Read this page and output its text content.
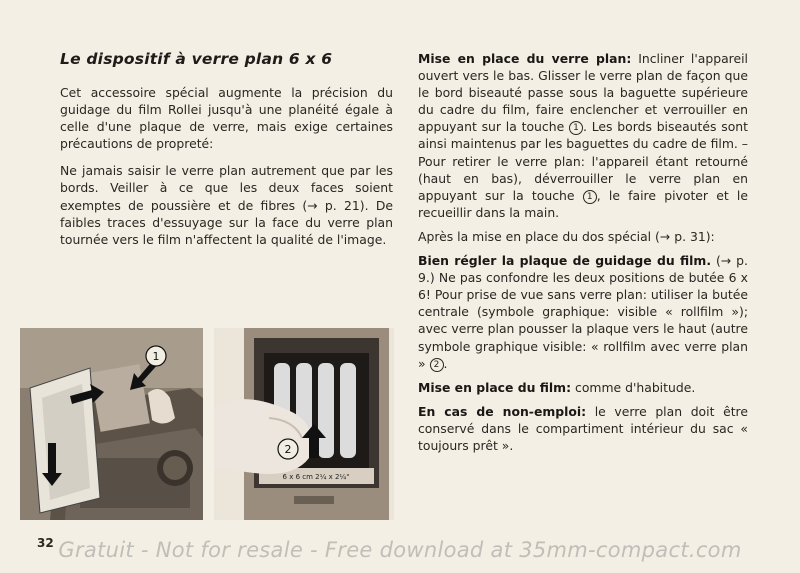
Le dispositif à verre plan 6 x 6

Cet accessoire spécial augmente la précision du guidage du film Rollei jusqu'à une planéité égale à celle d'une plaque de verre, mais exige certaines précautions de propreté:

Ne jamais saisir le verre plan autrement que par les bords. Veiller à ce que les deux faces soient exemptes de poussière et de fibres (→ p. 21). De faibles traces d'essuyage sur la face du verre plan tournée vers le film n'affectent la qualité de l'image.

Mise en place du verre plan: Incliner l'appareil ouvert vers le bas. Glisser le verre plan de façon que le bord biseauté passe sous la baguette supérieure du cadre du film, faire enclencher et verrouiller en appuyant sur la touche 1 . Les bords biseautés sont ainsi maintenus par les baguettes du cadre de film. – Pour retirer le verre plan: l'appareil étant retourné (haut en bas), déverrouiller le verre plan en appuyant sur la touche 1 , le faire pivoter et le recueillir dans la main.

Après la mise en place du dos spécial (→ p. 31):

Bien régler la plaque de guidage du film. (→ p. 9.) Ne pas confondre les deux positions de butée 6 x 6! Pour prise de vue sans verre plan: utiliser la butée centrale (symbole graphique: visible « rollfilm »); avec verre plan pousser la plaque vers le haut (autre symbole graphique visible: « rollfilm avec verre plan » 2 .

Mise en place du film: comme d'habitude.

En cas de non-emploi: le verre plan doit être conservé dans le compartiment intérieur du sac « toujours prêt ».

1
6 x 6 cm 2¼ x 2¼"
2
32 Gratuit - Not for resale - Free download at 35mm-compact.com
